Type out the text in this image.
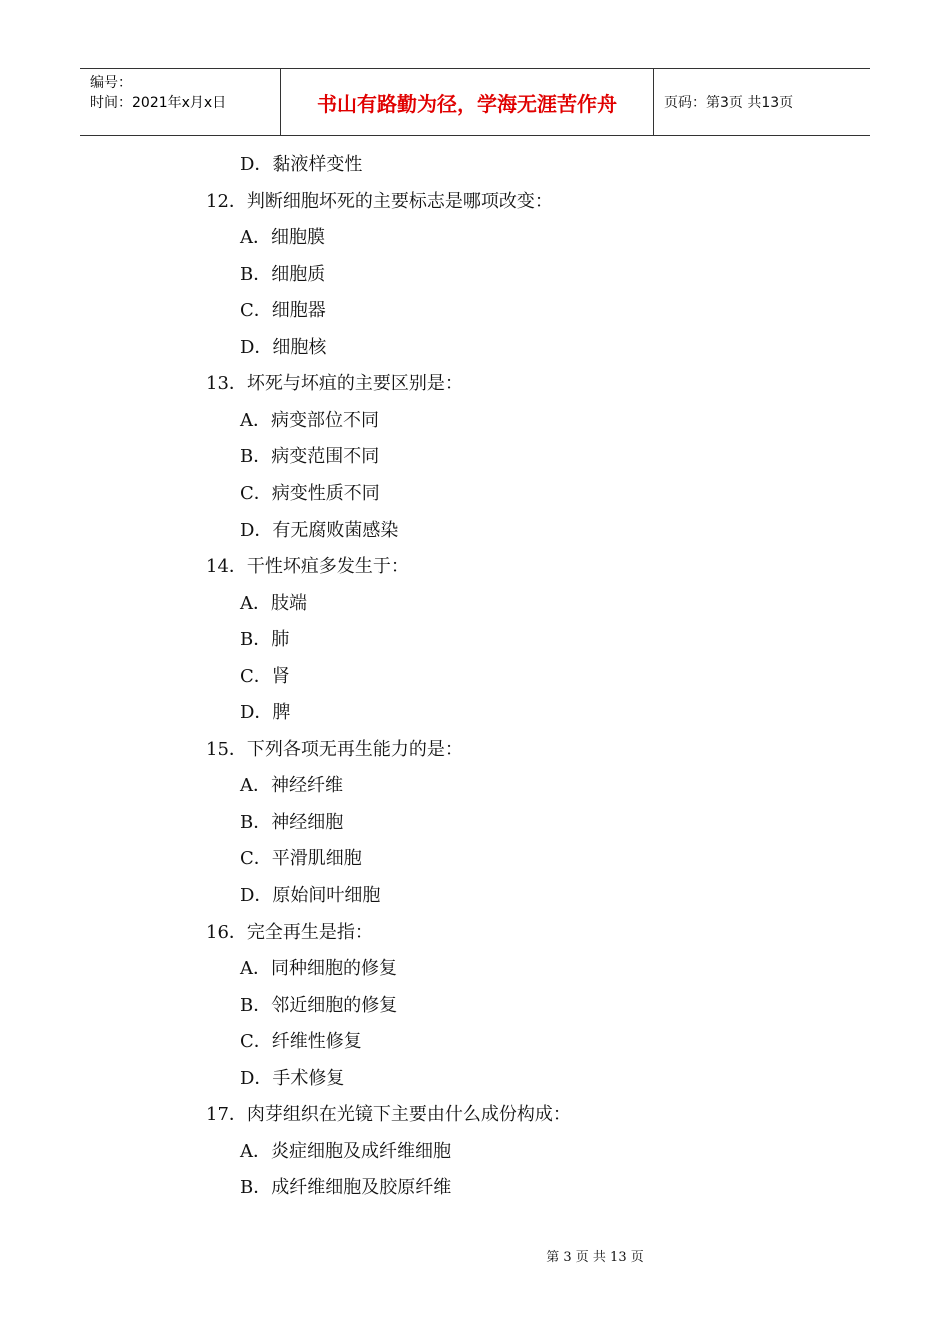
编号：
时间：2021年x月x日	书山有路勤为径，学海无涯苦作舟	页码：第3页 共13页
D．黏液样变性
12．判断细胞坏死的主要标志是哪项改变：
A．细胞膜
B．细胞质
C．细胞器
D．细胞核
13．坏死与坏疽的主要区别是：
A．病变部位不同
B．病变范围不同
C．病变性质不同
D．有无腐败菌感染
14．干性坏疽多发生于：
A．肢端
B．肺
C．肾
D．脾
15．下列各项无再生能力的是：
A．神经纤维
B．神经细胞
C．平滑肌细胞
D．原始间叶细胞
16．完全再生是指：
A．同种细胞的修复
B．邻近细胞的修复
C．纤维性修复
D．手术修复
17．肉芽组织在光镜下主要由什么成份构成：
A．炎症细胞及成纤维细胞
B．成纤维细胞及胶原纤维
第 3 页 共 13 页
